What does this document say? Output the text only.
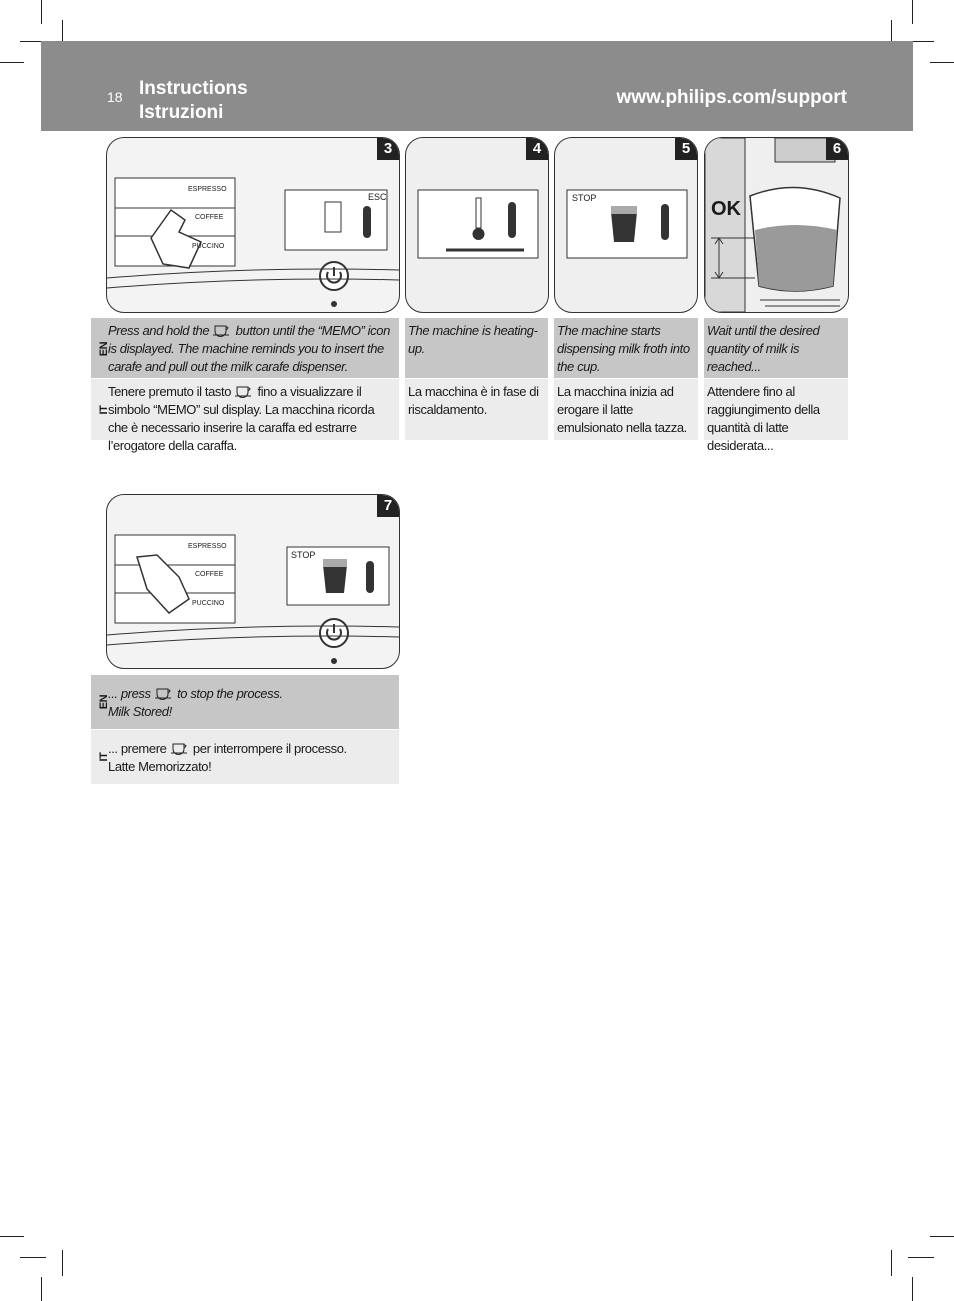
18 Instructions
Istruzioni
www.philips.com/support
ESPRESSO
COFFEE
PUCCINO
ESC
3	4
STOP
5
OK
6
EN
Press and hold the button until the “MEMO” icon is displayed. The machine reminds you to insert the carafe and pull out the milk carafe dispenser.
IT
Tenere premuto il tasto fino a visualizzare il simbolo “MEMO” sul display. La macchina ricorda che è necessario inserire la caraffa ed estrarre l’erogatore della caraffa.
The machine is heating-up.
La macchina è in fase di riscaldamento.
The machine starts dispensing milk froth into the cup.
La macchina inizia ad erogare il latte emulsionato nella tazza.
Wait until the desired quantity of milk is reached...
Attendere fino al raggiungimento della quantità di latte desiderata...
ESPRESSO
COFFEE
PUCCINO
STOP
7
EN
... press to stop the process.
Milk Stored!
IT
... premere per interrompere il processo.
Latte Memorizzato!
